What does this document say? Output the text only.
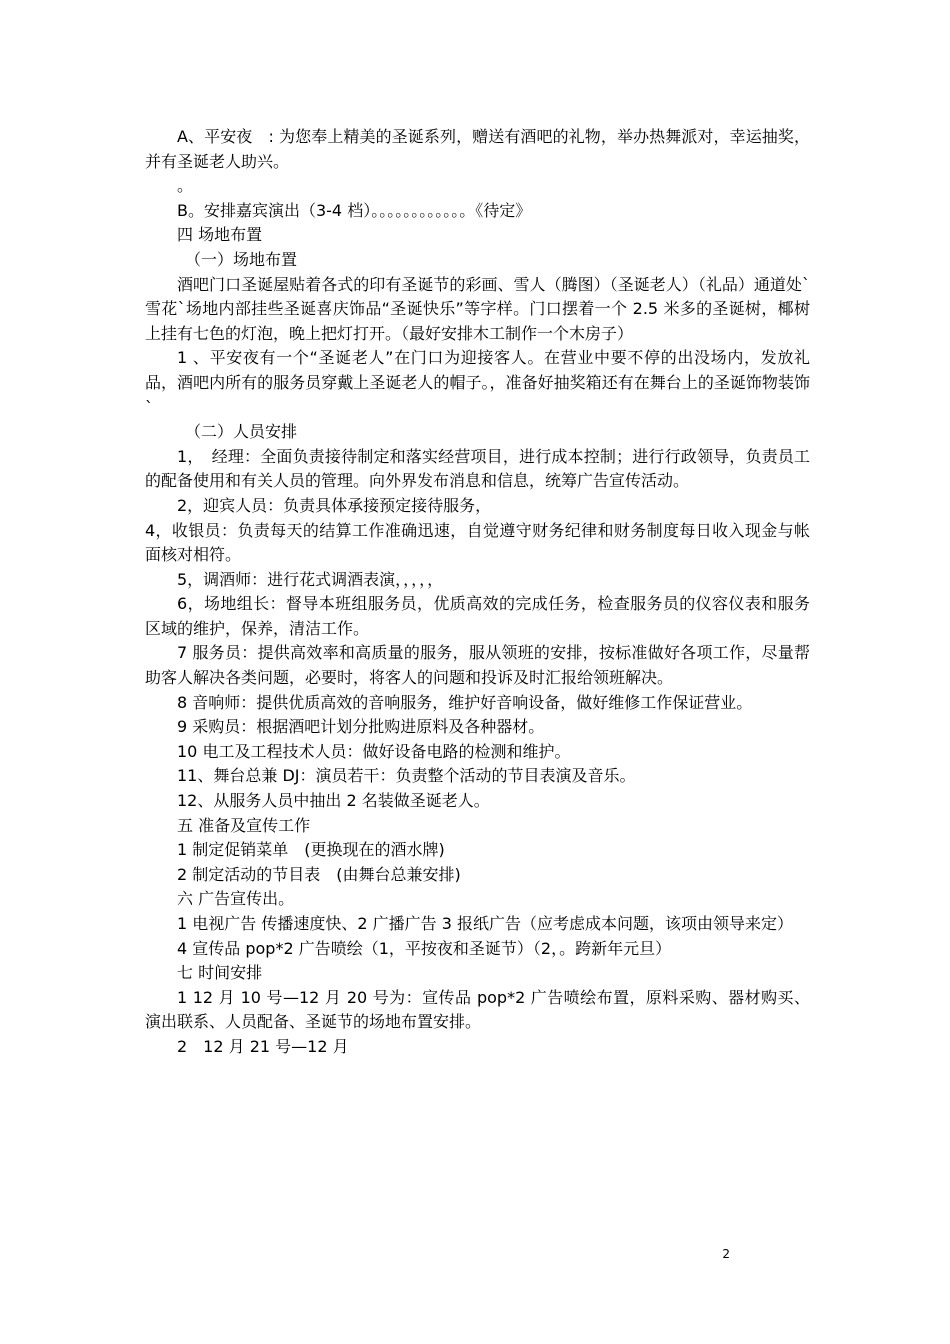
A、平安夜　: 为您奉上精美的圣诞系列，赠送有酒吧的礼物，举办热舞派对，幸运抽奖，并有圣诞老人助兴。

。

B。安排嘉宾演出（3-4 档）。。。。。。。。。。。。《待定》

四 场地布置

（一）场地布置

酒吧门口圣诞屋贴着各式的印有圣诞节的彩画、雪人（腾图）（圣诞老人）（礼品）通道处`雪花`场地内部挂些圣诞喜庆饰品“圣诞快乐”等字样。门口摆着一个 2.5 米多的圣诞树，椰树上挂有七色的灯泡，晚上把灯打开。（最好安排木工制作一个木房子）

1 、平安夜有一个“圣诞老人”在门口为迎接客人。在营业中要不停的出没场内，发放礼品，酒吧内所有的服务员穿戴上圣诞老人的帽子。，准备好抽奖箱还有在舞台上的圣诞饰物装饰`

（二）人员安排

1，　经理：全面负责接待制定和落实经营项目，进行成本控制；进行行政领导，负责员工的配备使用和有关人员的管理。向外界发布消息和信息，统筹广告宣传活动。

2，迎宾人员：负责具体承接预定接待服务，

4，收银员：负责每天的结算工作准确迅速，自觉遵守财务纪律和财务制度每日收入现金与帐面核对相符。

5，调酒师：进行花式调酒表演，，，，，

6，场地组长：督导本班组服务员，优质高效的完成任务，检查服务员的仪容仪表和服务区域的维护，保养，清洁工作。

7 服务员：提供高效率和高质量的服务，服从领班的安排，按标准做好各项工作，尽量帮助客人解决各类问题，必要时，将客人的问题和投诉及时汇报给领班解决。

8 音响师：提供优质高效的音响服务，维护好音响设备，做好维修工作保证营业。

9 采购员：根据酒吧计划分批购进原料及各种器材。

10 电工及工程技术人员：做好设备电路的检测和维护。

11、舞台总兼 DJ：演员若干：负责整个活动的节目表演及音乐。

12、从服务人员中抽出 2 名装做圣诞老人。

五 准备及宣传工作

1 制定促销菜单　(更换现在的酒水牌)

2 制定活动的节目表　(由舞台总兼安排)

六 广告宣传出。

1 电视广告 传播速度快、2 广播广告 3 报纸广告（应考虑成本问题，该项由领导来定）

4 宣传品 pop*2 广告喷绘（1，平按夜和圣诞节）（2，。跨新年元旦）

七 时间安排

1 12 月 10 号—12 月 20 号为：宣传品 pop*2 广告喷绘布置，原料采购、器材购买、演出联系、人员配备、圣诞节的场地布置安排。

2　12 月 21 号—12 月

2
